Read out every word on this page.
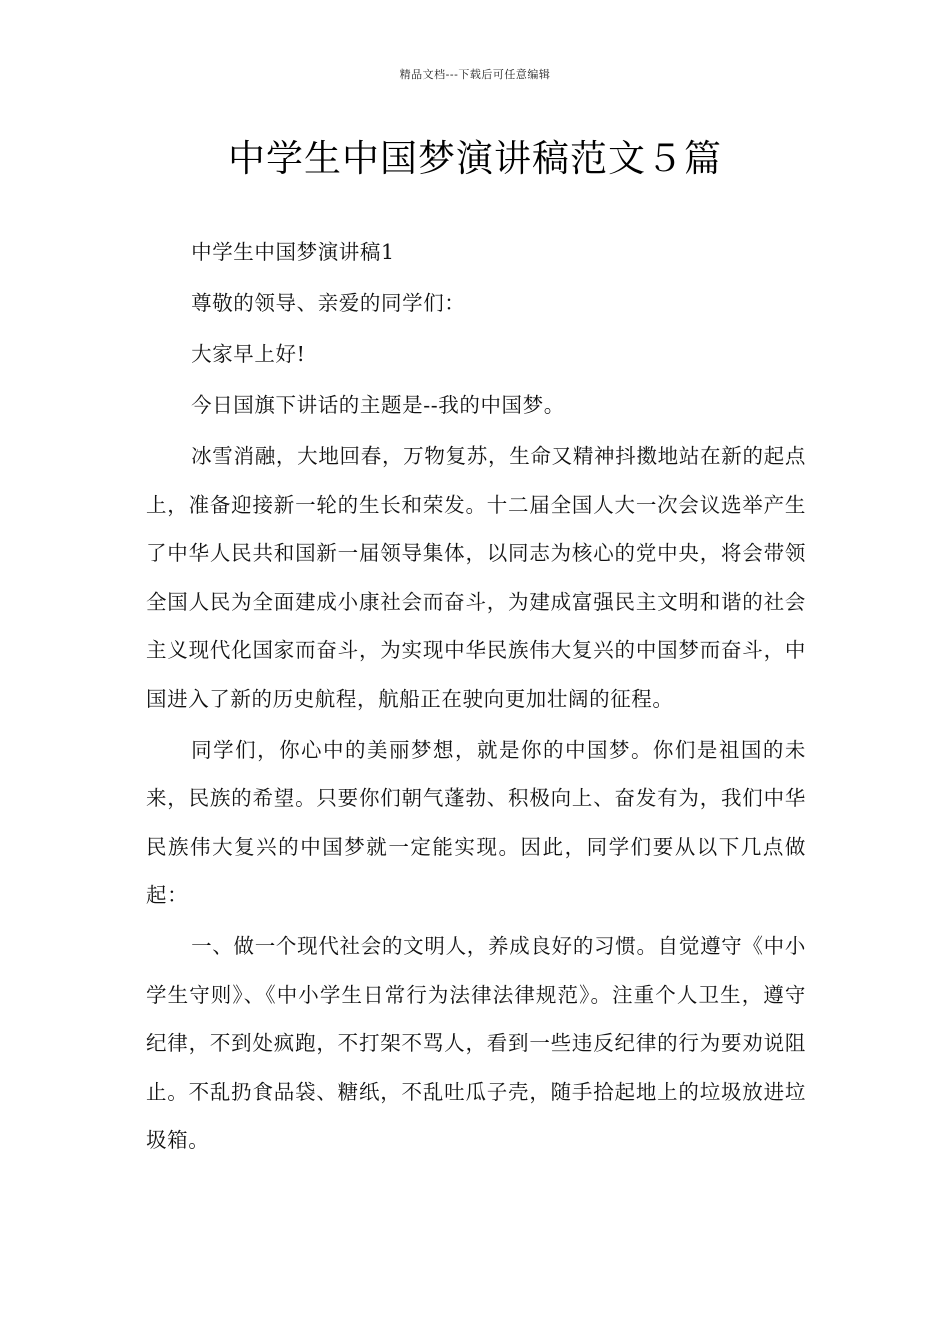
精品文档---下载后可任意编辑
中学生中国梦演讲稿范文５篇

中学生中国梦演讲稿1

尊敬的领导、亲爱的同学们：

大家早上好!

今日国旗下讲话的主题是--我的中国梦。

冰雪消融，大地回春，万物复苏，生命又精神抖擞地站在新的起点上，准备迎接新一轮的生长和荣发。十二届全国人大一次会议选举产生了中华人民共和国新一届领导集体，以同志为核心的党中央，将会带领全国人民为全面建成小康社会而奋斗，为建成富强民主文明和谐的社会主义现代化国家而奋斗，为实现中华民族伟大复兴的中国梦而奋斗，中国进入了新的历史航程，航船正在驶向更加壮阔的征程。

同学们，你心中的美丽梦想，就是你的中国梦。你们是祖国的未来，民族的希望。只要你们朝气蓬勃、积极向上、奋发有为，我们中华民族伟大复兴的中国梦就一定能实现。因此，同学们要从以下几点做起：

一、做一个现代社会的文明人，养成良好的习惯。自觉遵守《中小学生守则》、《中小学生日常行为法律法律规范》。注重个人卫生，遵守纪律，不到处疯跑，不打架不骂人，看到一些违反纪律的行为要劝说阻止。不乱扔食品袋、糖纸，不乱吐瓜子壳，随手拾起地上的垃圾放进垃圾箱。
